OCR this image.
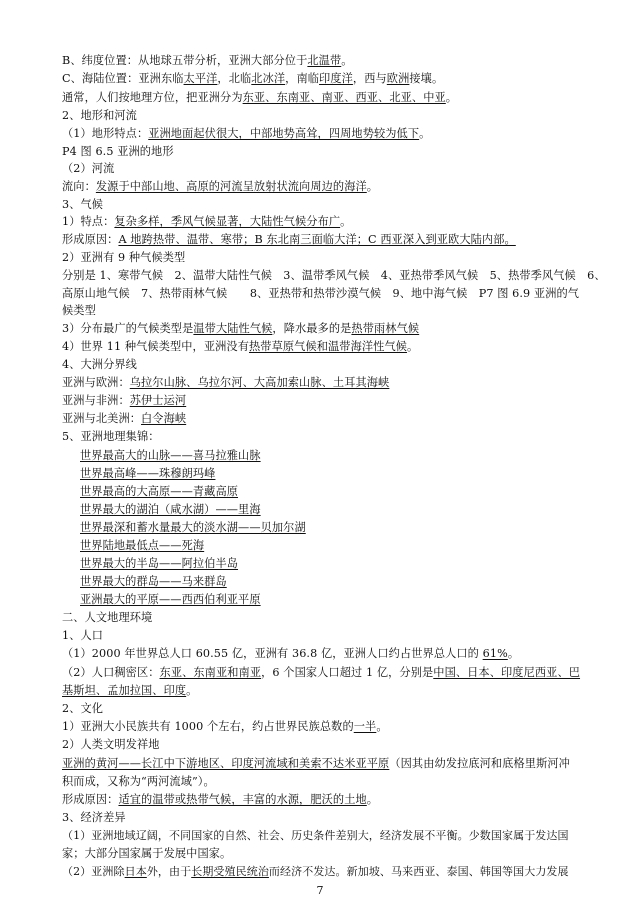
B、纬度位置：从地球五带分析，亚洲大部分位于北温带。
C、海陆位置：亚洲东临太平洋，北临北冰洋，南临印度洋，西与欧洲接壤。
通常，人们按地理方位，把亚洲分为东亚、东南亚、南亚、西亚、北亚、中亚。
2、地形和河流
（1）地形特点：亚洲地面起伏很大，中部地势高耸，四周地势较为低下。
P4 图 6.5 亚洲的地形
（2）河流
流向：发源于中部山地、高原的河流呈放射状流向周边的海洋。
3、气候
1）特点：复杂多样，季风气候显著，大陆性气候分布广。
形成原因：A 地跨热带、温带、寒带；B 东北南三面临大洋；C 西亚深入到亚欧大陆内部。
2）亚洲有 9 种气候类型
分别是 1、寒带气候　2、温带大陆性气候　3、温带季风气候　4、亚热带季风气候　5、热带季风气候　6、
高原山地气候　7、热带雨林气候　　8、亚热带和热带沙漠气候　9、地中海气候　P7 图 6.9 亚洲的气
候类型
3）分布最广的气候类型是温带大陆性气候，降水最多的是热带雨林气候
4）世界 11 种气候类型中，亚洲没有热带草原气候和温带海洋性气候。
4、大洲分界线
亚洲与欧洲：乌拉尔山脉、乌拉尔河、大高加索山脉、土耳其海峡
亚洲与非洲：苏伊士运河
亚洲与北美洲：白令海峡
5、亚洲地理集锦：
世界最高大的山脉——喜马拉雅山脉
世界最高峰——珠穆朗玛峰
世界最高的大高原——青藏高原
世界最大的湖泊（咸水湖）——里海
世界最深和蓄水量最大的淡水湖——贝加尔湖
世界陆地最低点——死海
世界最大的半岛——阿拉伯半岛
世界最大的群岛——马来群岛
亚洲最大的平原——西西伯利亚平原
二、人文地理环境
1、人口
（1）2000 年世界总人口 60.55 亿，亚洲有 36.8 亿，亚洲人口约占世界总人口的 61%。
（2）人口稠密区：东亚、东南亚和南亚，6 个国家人口超过 1 亿，分别是中国、日本、印度尼西亚、巴
基斯坦、孟加拉国、印度。
2、文化
1）亚洲大小民族共有 1000 个左右，约占世界民族总数的一半。
2）人类文明发祥地
亚洲的黄河——长江中下游地区、印度河流域和美索不达米亚平原（因其由幼发拉底河和底格里斯河冲
积而成，又称为“两河流域”）。
形成原因：适宜的温带或热带气候，丰富的水源，肥沃的土地。
3、经济差异
（1）亚洲地域辽阔，不同国家的自然、社会、历史条件差别大，经济发展不平衡。少数国家属于发达国
家；大部分国家属于发展中国家。
（2）亚洲除日本外，由于长期受殖民统治而经济不发达。新加坡、马来西亚、泰国、韩国等国大力发展
7
